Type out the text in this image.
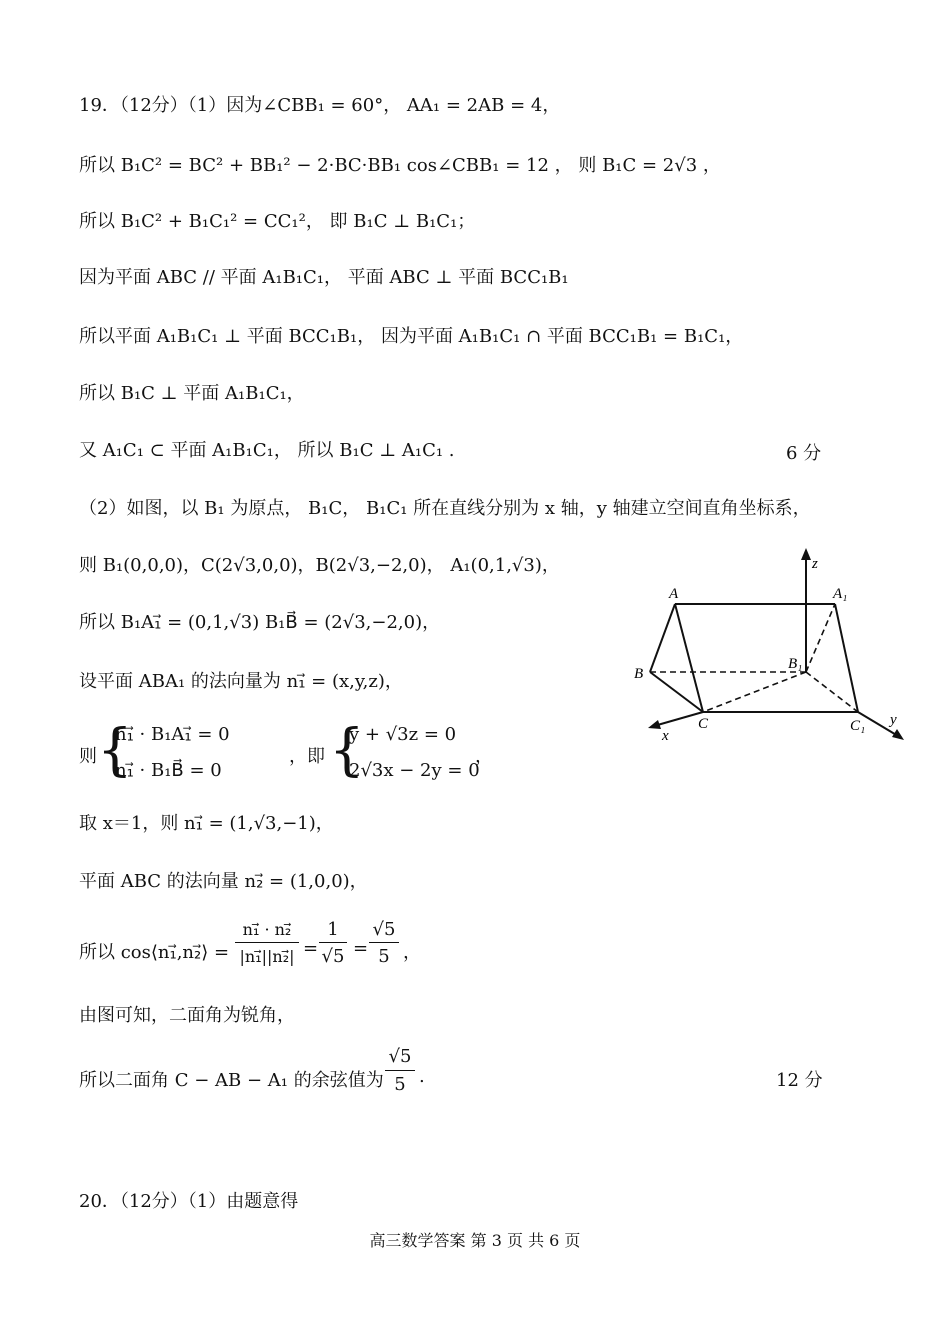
19．（12分）（1）因为∠CBB₁ = 60°， AA₁ = 2AB = 4，
所以 B₁C² = BC² + BB₁² − 2·BC·BB₁ cos∠CBB₁ = 12 ， 则 B₁C = 2√3 ，
所以 B₁C² + B₁C₁² = CC₁²， 即 B₁C ⊥ B₁C₁；
因为平面 ABC // 平面 A₁B₁C₁， 平面 ABC ⊥ 平面 BCC₁B₁
所以平面 A₁B₁C₁ ⊥ 平面 BCC₁B₁， 因为平面 A₁B₁C₁ ∩ 平面 BCC₁B₁ = B₁C₁，
所以 B₁C ⊥ 平面 A₁B₁C₁，
又 A₁C₁ ⊂ 平面 A₁B₁C₁， 所以 B₁C ⊥ A₁C₁ .	6 分
（2）如图，以 B₁ 为原点， B₁C， B₁C₁ 所在直线分别为 x 轴，y 轴建立空间直角坐标系，
则 B₁(0,0,0)，C(2√3,0,0)，B(2√3,−2,0)， A₁(0,1,√3)，
所以 B₁A₁⃗ = (0,1,√3) B₁B⃗ = (2√3,−2,0)，
设平面 ABA₁ 的法向量为 n₁⃗ = (x,y,z)，
则 {
n₁⃗ · B₁A₁⃗ = 0
n₁⃗ · B₁B⃗ = 0
，即 {
y + √3z = 0
2√3x − 2y = 0
，
取 x＝1，则 n₁⃗ = (1,√3,−1)，
平面 ABC 的法向量 n₂⃗ = (1,0,0)，
所以 cos⟨n₁⃗,n₂⃗⟩ = $\frac{\text{n₁⃗ · n₂⃗}}{\text{|n₁⃗||n₂⃗|}} = \frac{1}{√5} = \frac{√5}{5}$ ，
由图可知，二面角为锐角，
所以二面角 C − AB − A₁ 的余弦值为 $\frac{√5}{5}$ .	12 分
20．（12分）（1）由题意得
高三数学答案 第 3 页 共 6 页
A	A₁
B
B₁
C	C₁
x
y
z
